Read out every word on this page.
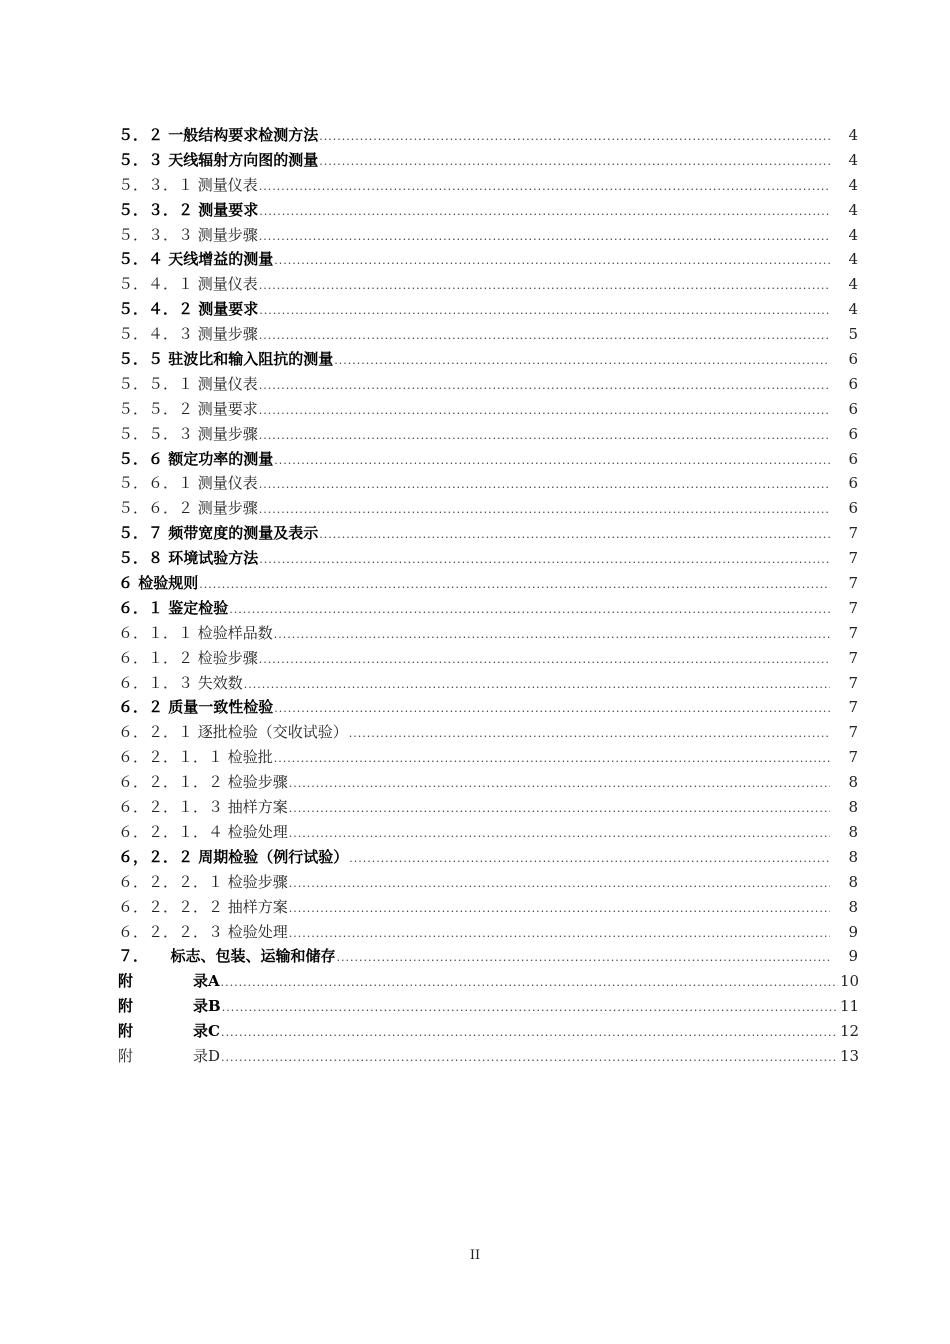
５．２ 一般结构要求检测方法 .....	4
５．３ 天线辐射方向图的测量 .....	4
５．３．１ 测量仪表 .....	4
５．３．２ 测量要求 .....	4
５．３．３ 测量步骤 .....	4
５．４ 天线增益的测量 .....	4
５．４．１ 测量仪表 .....	4
５．４．２ 测量要求 .....	4
５．４．３ 测量步骤 .....	5
５．５ 驻波比和输入阻抗的测量 .....	6
５．５．１ 测量仪表 .....	6
５．５．２ 测量要求 .....	6
５．５．３ 测量步骤 .....	6
５．６ 额定功率的测量 .....	6
５．６．１ 测量仪表 .....	6
５．６．２ 测量步骤 .....	6
５．７ 频带宽度的测量及表示 .....	7
５．８ 环境试验方法 .....	7
６ 检验规则 .....	7
６．１ 鉴定检验 .....	7
６．１．１ 检验样品数 .....	7
６．１．２ 检验步骤 .....	7
６．１．３ 失效数 .....	7
６．２ 质量一致性检验 .....	7
６．２．１ 逐批检验（交收试验） .....	7
６．２．１．１ 检验批 .....	7
６．２．１．２ 检验步骤 .....	8
６．２．１．３ 抽样方案 .....	8
６．２．１．４ 检验处理 .....	8
６，２．２ 周期检验（例行试验） .....	8
６．２．２．１ 检验步骤 .....	8
６．２．２．２ 抽样方案 .....	8
６．２．２．３ 检验处理 .....	9
７．　　标志、包装、运输和储存 .....	9
附	录A .....	10
附	录B .....	11
附	录C .....	12
附	录D .....	13
II
